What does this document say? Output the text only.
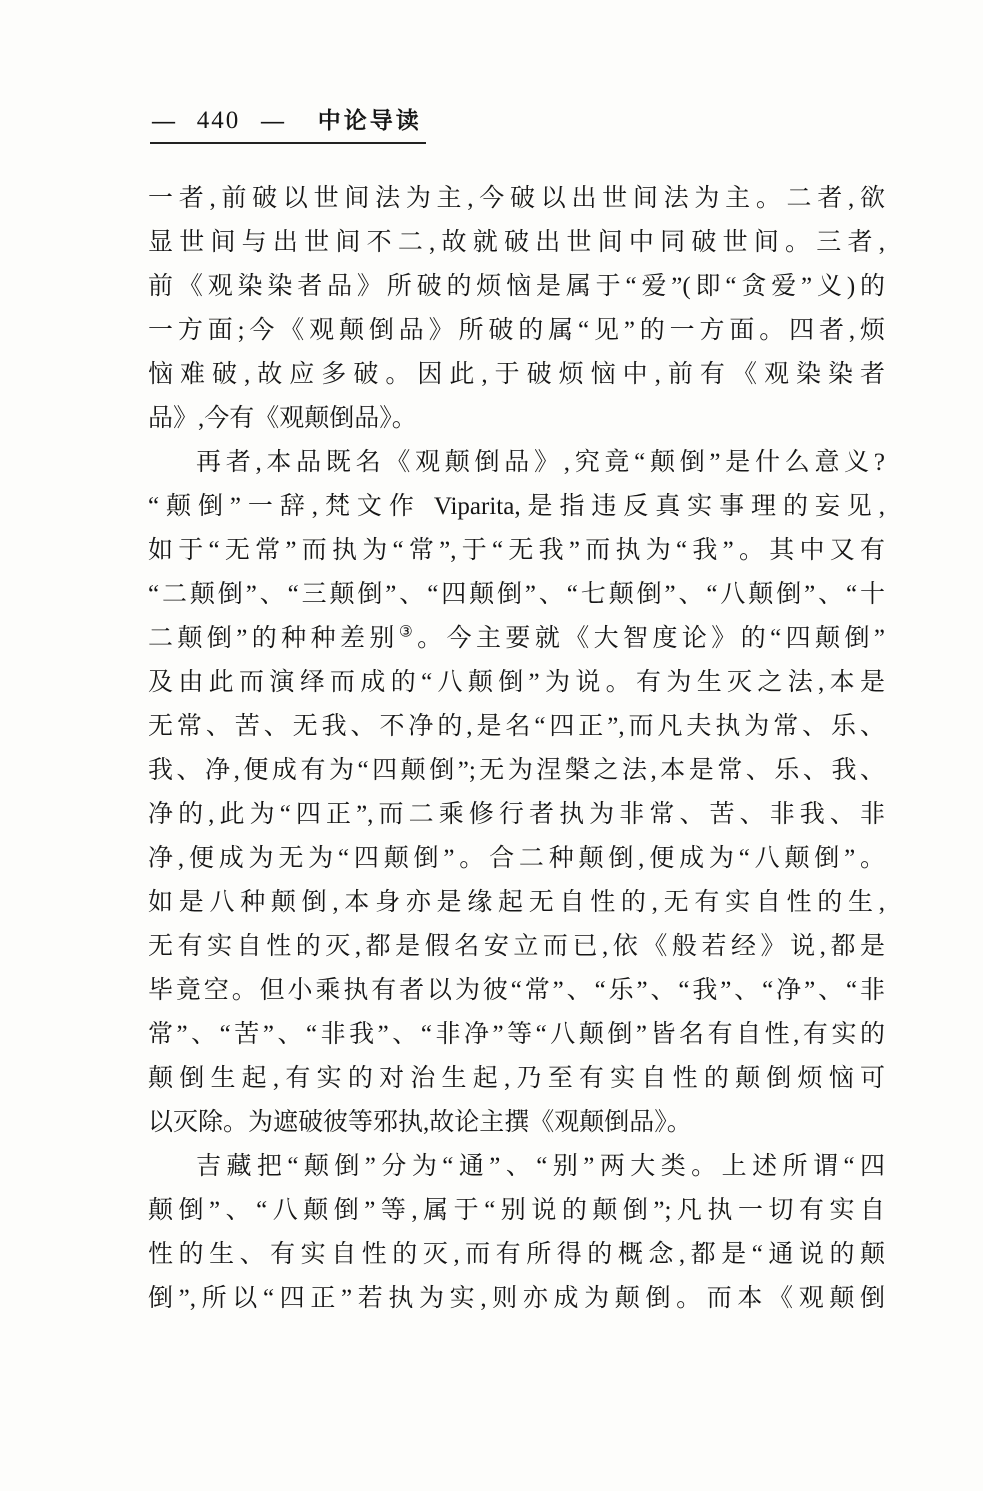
— 440 — 中论导读
一者,前破以世间法为主,今破以出世间法为主。二者,欲
显世间与出世间不二,故就破出世间中同破世间。三者,
前《观染染者品》所破的烦恼是属于“爱”(即“贪爱”义)的
一方面;今《观颠倒品》所破的属“见”的一方面。四者,烦
恼难破,故应多破。因此,于破烦恼中,前有《观染染者
品》,今有《观颠倒品》。
再者,本品既名《观颠倒品》,究竟“颠倒”是什么意义?
“颠倒”一辞,梵文作 Viparita,是指违反真实事理的妄见,
如于“无常”而执为“常”,于“无我”而执为“我”。其中又有
“二颠倒”、“三颠倒”、“四颠倒”、“七颠倒”、“八颠倒”、“十
二颠倒”的种种差别③。今主要就《大智度论》的“四颠倒”
及由此而演绎而成的“八颠倒”为说。有为生灭之法,本是
无常、苦、无我、不净的,是名“四正”,而凡夫执为常、乐、
我、净,便成有为“四颠倒”;无为涅槃之法,本是常、乐、我、
净的,此为“四正”,而二乘修行者执为非常、苦、非我、非
净,便成为无为“四颠倒”。合二种颠倒,便成为“八颠倒”。
如是八种颠倒,本身亦是缘起无自性的,无有实自性的生,
无有实自性的灭,都是假名安立而已,依《般若经》说,都是
毕竟空。但小乘执有者以为彼“常”、“乐”、“我”、“净”、“非
常”、“苦”、“非我”、“非净”等“八颠倒”皆名有自性,有实的
颠倒生起,有实的对治生起,乃至有实自性的颠倒烦恼可
以灭除。为遮破彼等邪执,故论主撰《观颠倒品》。
吉藏把“颠倒”分为“通”、“别”两大类。上述所谓“四
颠倒”、“八颠倒”等,属于“别说的颠倒”;凡执一切有实自
性的生、有实自性的灭,而有所得的概念,都是“通说的颠
倒”,所以“四正”若执为实,则亦成为颠倒。而本《观颠倒
